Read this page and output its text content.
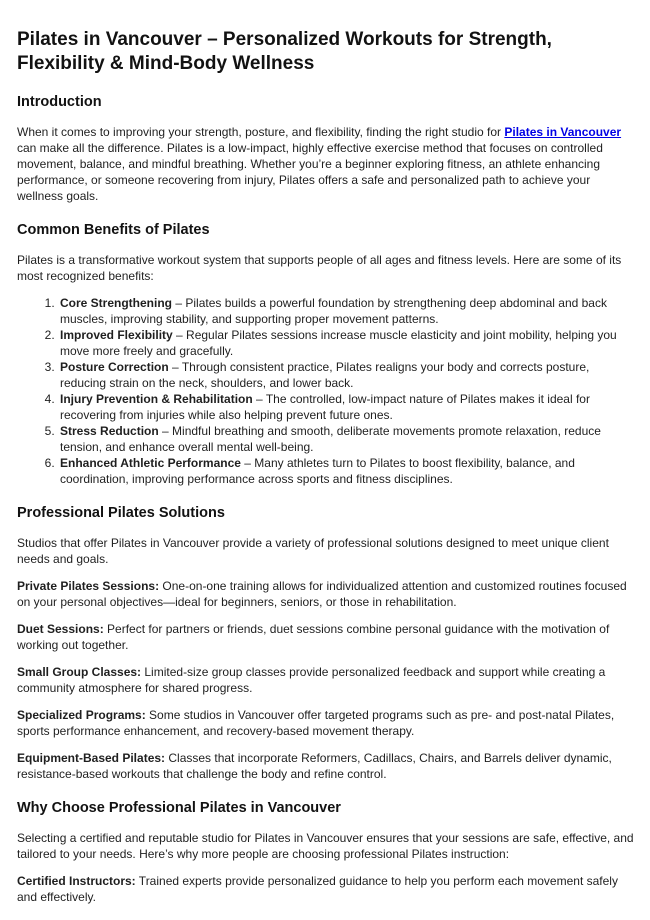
Pilates in Vancouver – Personalized Workouts for Strength, Flexibility & Mind-Body Wellness
Introduction

When it comes to improving your strength, posture, and flexibility, finding the right studio for Pilates in Vancouver can make all the difference. Pilates is a low-impact, highly effective exercise method that focuses on controlled movement, balance, and mindful breathing. Whether you’re a beginner exploring fitness, an athlete enhancing performance, or someone recovering from injury, Pilates offers a safe and personalized path to achieve your wellness goals.

Common Benefits of Pilates

Pilates is a transformative workout system that supports people of all ages and fitness levels. Here are some of its most recognized benefits:

1. Core Strengthening – Pilates builds a powerful foundation by strengthening deep abdominal and back muscles, improving stability, and supporting proper movement patterns.
2. Improved Flexibility – Regular Pilates sessions increase muscle elasticity and joint mobility, helping you move more freely and gracefully.
3. Posture Correction – Through consistent practice, Pilates realigns your body and corrects posture, reducing strain on the neck, shoulders, and lower back.
4. Injury Prevention & Rehabilitation – The controlled, low-impact nature of Pilates makes it ideal for recovering from injuries while also helping prevent future ones.
5. Stress Reduction – Mindful breathing and smooth, deliberate movements promote relaxation, reduce tension, and enhance overall mental well-being.
6. Enhanced Athletic Performance – Many athletes turn to Pilates to boost flexibility, balance, and coordination, improving performance across sports and fitness disciplines.
Professional Pilates Solutions

Studios that offer Pilates in Vancouver provide a variety of professional solutions designed to meet unique client needs and goals.

Private Pilates Sessions: One-on-one training allows for individualized attention and customized routines focused on your personal objectives—ideal for beginners, seniors, or those in rehabilitation.

Duet Sessions: Perfect for partners or friends, duet sessions combine personal guidance with the motivation of working out together.

Small Group Classes: Limited-size group classes provide personalized feedback and support while creating a community atmosphere for shared progress.

Specialized Programs: Some studios in Vancouver offer targeted programs such as pre- and post-natal Pilates, sports performance enhancement, and recovery-based movement therapy.

Equipment-Based Pilates: Classes that incorporate Reformers, Cadillacs, Chairs, and Barrels deliver dynamic, resistance-based workouts that challenge the body and refine control.

Why Choose Professional Pilates in Vancouver

Selecting a certified and reputable studio for Pilates in Vancouver ensures that your sessions are safe, effective, and tailored to your needs. Here’s why more people are choosing professional Pilates instruction:

Certified Instructors: Trained experts provide personalized guidance to help you perform each movement safely and effectively.
